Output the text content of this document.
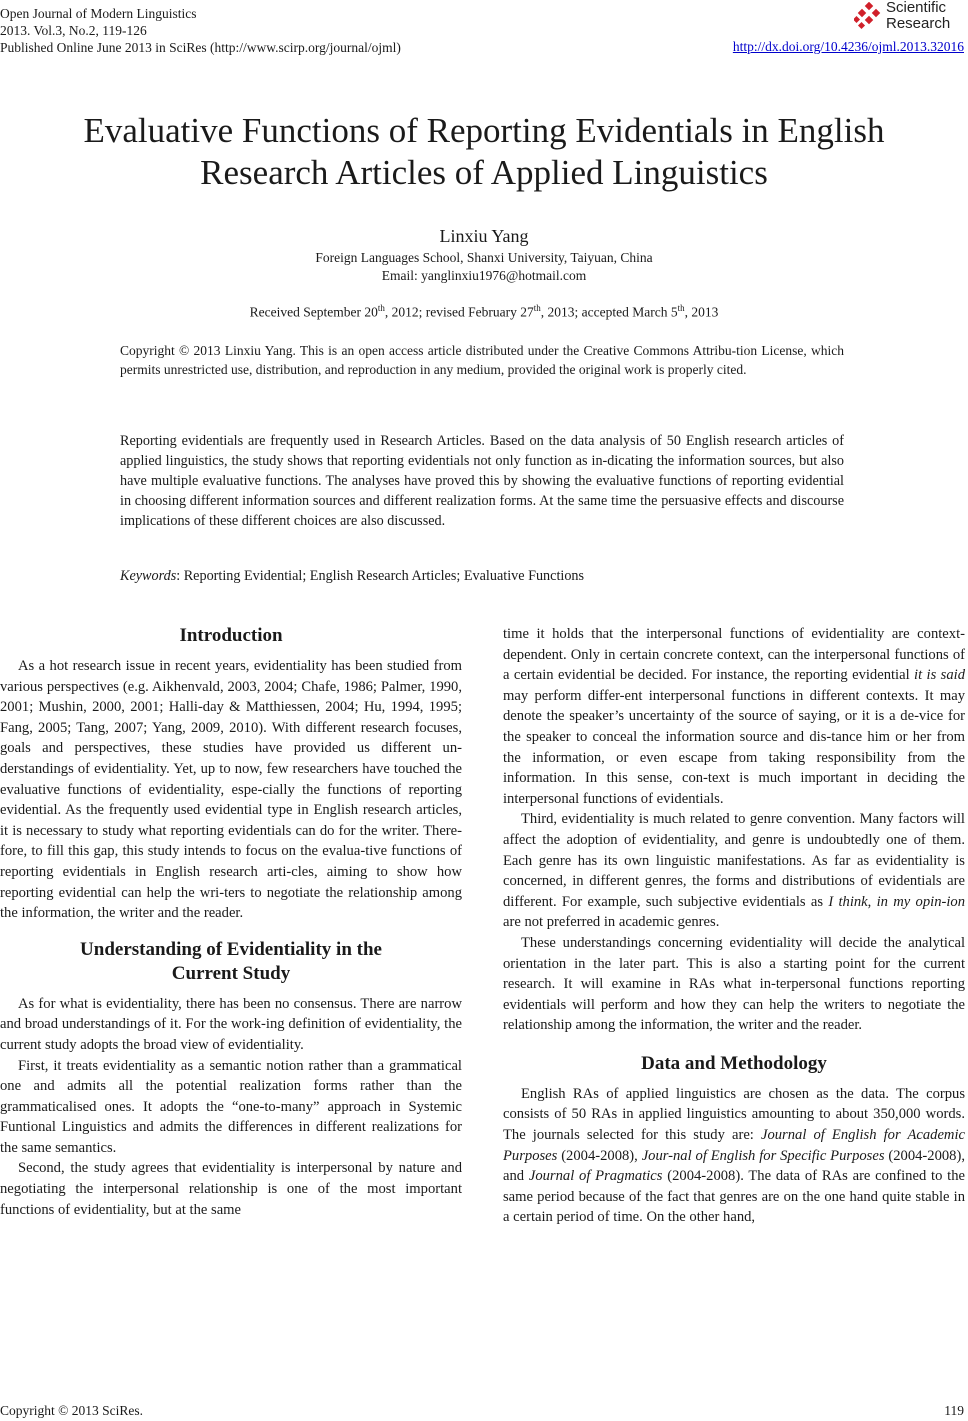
Open Journal of Modern Linguistics
2013. Vol.3, No.2, 119-126
Published Online June 2013 in SciRes (http://www.scirp.org/journal/ojml)	http://dx.doi.org/10.4236/ojml.2013.32016
Scientific
Research
Evaluative Functions of Reporting Evidentials in English
Research Articles of Applied Linguistics
Linxiu Yang
Foreign Languages School, Shanxi University, Taiyuan, China
Email: yanglinxiu1976@hotmail.com
Received September 20th, 2012; revised February 27th, 2013; accepted March 5th, 2013
Copyright © 2013 Linxiu Yang. This is an open access article distributed under the Creative Commons Attribu-tion License, which permits unrestricted use, distribution, and reproduction in any medium, provided the original work is properly cited.
Reporting evidentials are frequently used in Research Articles. Based on the data analysis of 50 English research articles of applied linguistics, the study shows that reporting evidentials not only function as in-dicating the information sources, but also have multiple evaluative functions. The analyses have proved this by showing the evaluative functions of reporting evidential in choosing different information sources and different realization forms. At the same time the persuasive effects and discourse implications of these different choices are also discussed.
Keywords: Reporting Evidential; English Research Articles; Evaluative Functions
Introduction

As a hot research issue in recent years, evidentiality has been studied from various perspectives (e.g. Aikhenvald, 2003, 2004; Chafe, 1986; Palmer, 1990, 2001; Mushin, 2000, 2001; Halli-day & Matthiessen, 2004; Hu, 1994, 1995; Fang, 2005; Tang, 2007; Yang, 2009, 2010). With different research focuses, goals and perspectives, these studies have provided us different un-derstandings of evidentiality. Yet, up to now, few researchers have touched the evaluative functions of evidentiality, espe-cially the functions of reporting evidential. As the frequently used evidential type in English research articles, it is necessary to study what reporting evidentials can do for the writer. There-fore, to fill this gap, this study intends to focus on the evalua-tive functions of reporting evidentials in English research arti-cles, aiming to show how reporting evidential can help the wri-ters to negotiate the relationship among the information, the writer and the reader.

Understanding of Evidentiality in the
Current Study

As for what is evidentiality, there has been no consensus. There are narrow and broad understandings of it. For the work-ing definition of evidentiality, the current study adopts the broad view of evidentiality.

First, it treats evidentiality as a semantic notion rather than a grammatical one and admits all the potential realization forms rather than the grammaticalised ones. It adopts the “one-to-many” approach in Systemic Funtional Linguistics and admits the differences in different realizations for the same semantics.

Second, the study agrees that evidentiality is interpersonal by nature and negotiating the interpersonal relationship is one of the most important functions of evidentiality, but at the same

time it holds that the interpersonal functions of evidentiality are context-dependent. Only in certain concrete context, can the interpersonal functions of a certain evidential be decided. For instance, the reporting evidential it is said may perform differ-ent interpersonal functions in different contexts. It may denote the speaker’s uncertainty of the source of saying, or it is a de-vice for the speaker to conceal the information source and dis-tance him or her from the information, or even escape from taking responsibility from the information. In this sense, con-text is much important in deciding the interpersonal functions of evidentials.

Third, evidentiality is much related to genre convention. Many factors will affect the adoption of evidentiality, and genre is undoubtedly one of them. Each genre has its own linguistic manifestations. As far as evidentiality is concerned, in different genres, the forms and distributions of evidentials are different. For example, such subjective evidentials as I think, in my opin-ion are not preferred in academic genres.

These understandings concerning evidentiality will decide the analytical orientation in the later part. This is also a starting point for the current research. It will examine in RAs what in-terpersonal functions reporting evidentials will perform and how they can help the writers to negotiate the relationship among the information, the writer and the reader.

Data and Methodology

English RAs of applied linguistics are chosen as the data. The corpus consists of 50 RAs in applied linguistics amounting to about 350,000 words. The journals selected for this study are: Journal of English for Academic Purposes (2004-2008), Jour-nal of English for Specific Purposes (2004-2008), and Journal of Pragmatics (2004-2008). The data of RAs are confined to the same period because of the fact that genres are on the one hand quite stable in a certain period of time. On the other hand,

Copyright © 2013 SciRes.	119
